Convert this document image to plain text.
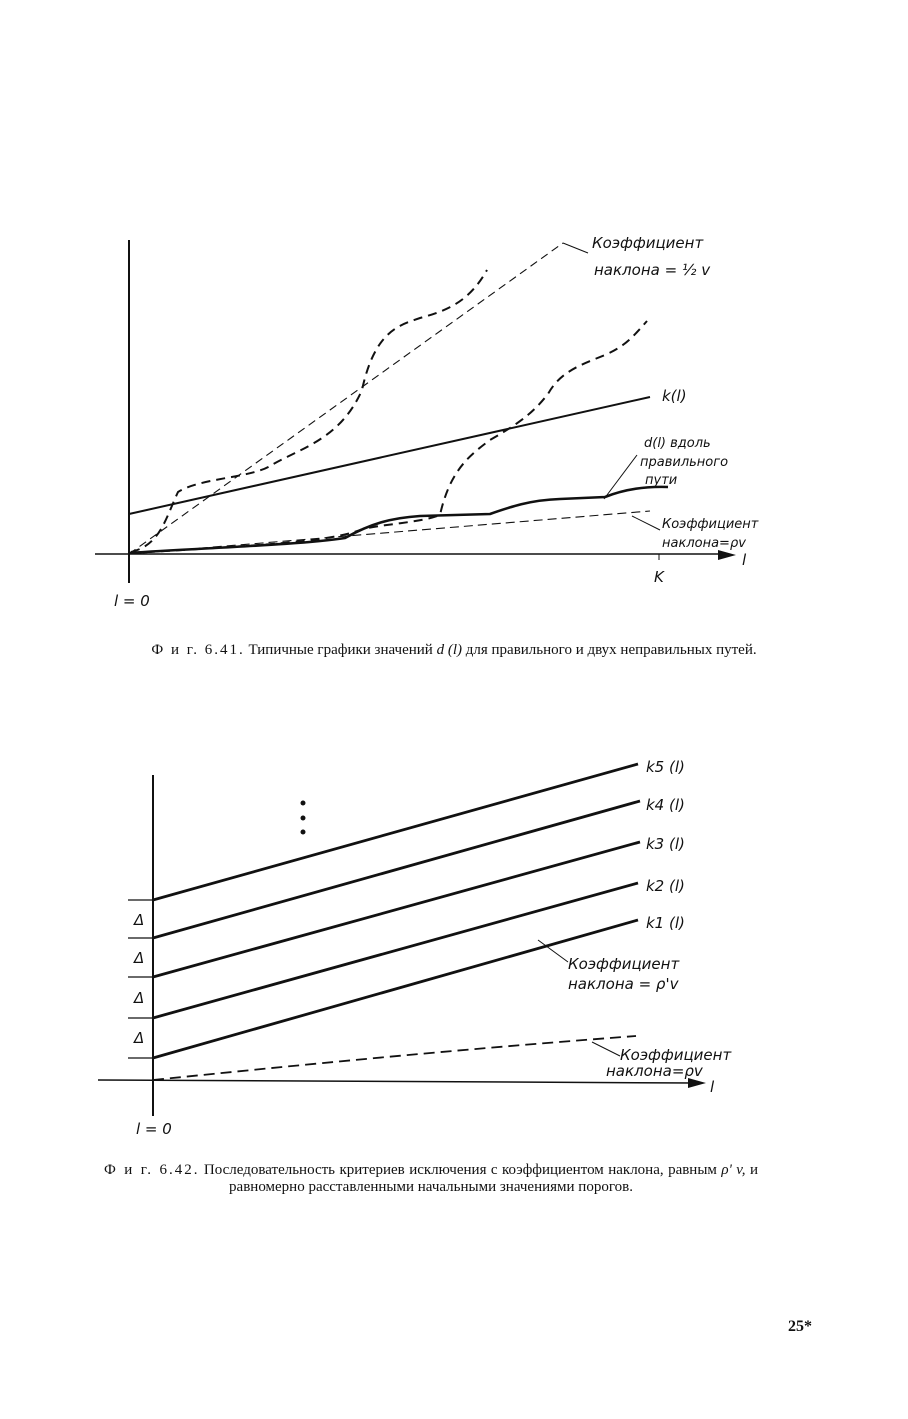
Коэффициент
наклона = ½ v
k(l)
d(l) вдоль
правильного
пути
Коэффициент
наклона=ρv
l
K
l = 0
k5 (l)
k4 (l)
k3 (l)
k2 (l)
k1 (l)
Δ
Δ
Δ
Δ
Коэффициент
наклона = ρ'v
Коэффициент
наклона=ρv
l
l = 0
Ф и г. 6.41. Типичные графики значений d (l) для правильного и двух неправильных путей.
Ф и г. 6.42. Последовательность критериев исключения с коэффициентом наклона, равным ρ' v, и равномерно расставленными начальными значениями порогов.
25*
